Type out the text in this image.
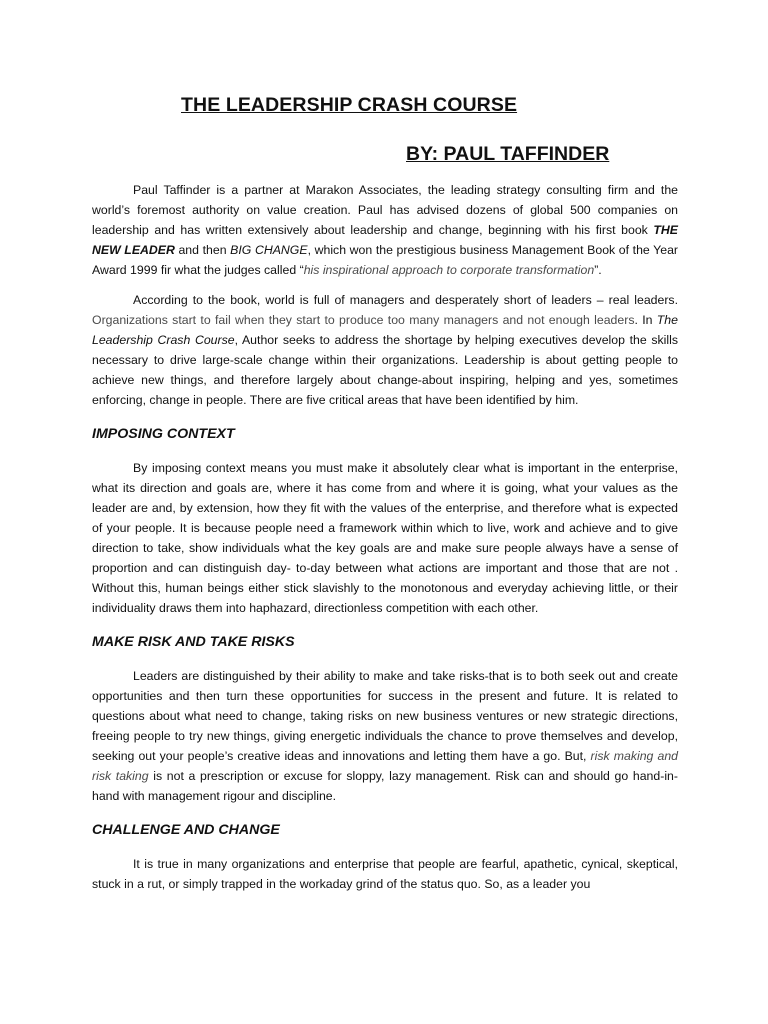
THE LEADERSHIP CRASH COURSE
BY: PAUL TAFFINDER

Paul Taffinder is a partner at Marakon Associates, the leading strategy consulting firm and the world’s foremost authority on value creation. Paul has advised dozens of global 500 companies on leadership and has written extensively about leadership and change, beginning with his first book THE NEW LEADER and then BIG CHANGE, which won the prestigious business Management Book of the Year Award 1999 fir what the judges called “his inspirational approach to corporate transformation”.

According to the book, world is full of managers and desperately short of leaders – real leaders. Organizations start to fail when they start to produce too many managers and not enough leaders. In The Leadership Crash Course, Author seeks to address the shortage by helping executives develop the skills necessary to drive large-scale change within their organizations. Leadership is about getting people to achieve new things, and therefore largely about change-about inspiring, helping and yes, sometimes enforcing, change in people. There are five critical areas that have been identified by him.

IMPOSING CONTEXT

By imposing context means you must make it absolutely clear what is important in the enterprise, what its direction and goals are, where it has come from and where it is going, what your values as the leader are and, by extension, how they fit with the values of the enterprise, and therefore what is expected of your people. It is because people need a framework within which to live, work and achieve and to give direction to take, show individuals what the key goals are and make sure people always have a sense of proportion and can distinguish day- to-day between what actions are important and those that are not . Without this, human beings either stick slavishly to the monotonous and everyday achieving little, or their individuality draws them into haphazard, directionless competition with each other.

MAKE RISK AND TAKE RISKS

Leaders are distinguished by their ability to make and take risks-that is to both seek out and create opportunities and then turn these opportunities for success in the present and future. It is related to questions about what need to change, taking risks on new business ventures or new strategic directions, freeing people to try new things, giving energetic individuals the chance to prove themselves and develop, seeking out your people’s creative ideas and innovations and letting them have a go. But, risk making and risk taking is not a prescription or excuse for sloppy, lazy management. Risk can and should go hand-in-hand with management rigour and discipline.

CHALLENGE AND CHANGE

It is true in many organizations and enterprise that people are fearful, apathetic, cynical, skeptical, stuck in a rut, or simply trapped in the workaday grind of the status quo. So, as a leader you
